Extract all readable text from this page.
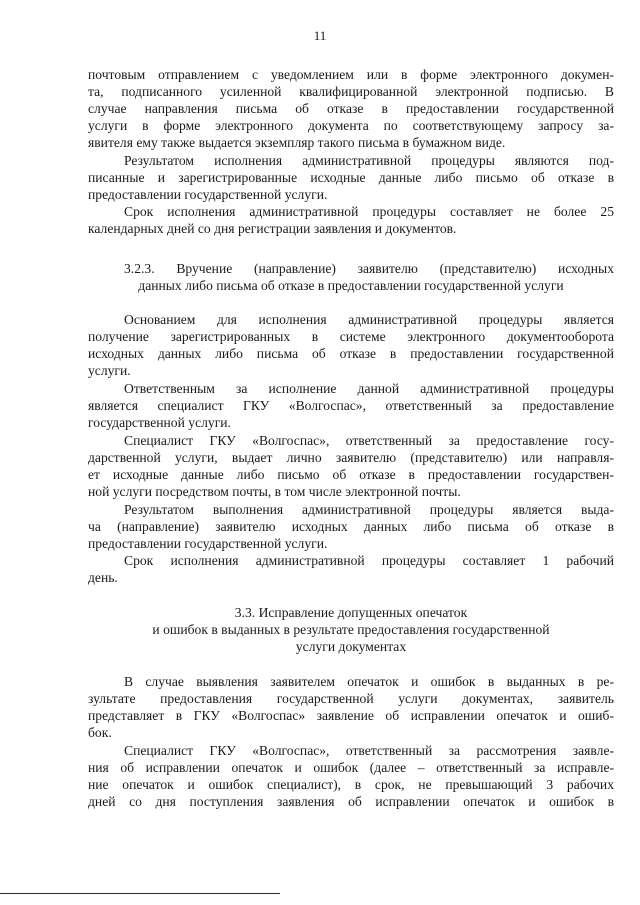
11
почтовым отправлением с уведомлением или в форме электронного докумен-
та, подписанного усиленной квалифицированной электронной подписью. В
случае направления письма об отказе в предоставлении государственной
услуги в форме электронного документа по соответствующему запросу за-
явителя ему также выдается экземпляр такого письма в бумажном виде.
Результатом исполнения административной процедуры являются под-
писанные и зарегистрированные исходные данные либо письмо об отказе в
предоставлении государственной услуги.
Срок исполнения административной процедуры составляет не более 25
календарных дней со дня регистрации заявления и документов.
3.2.3. Вручение (направление) заявителю (представителю) исходных
данных либо письма об отказе в предоставлении государственной услуги
Основанием для исполнения административной процедуры является
получение зарегистрированных в системе электронного документооборота
исходных данных либо письма об отказе в предоставлении государственной
услуги.
Ответственным за исполнение данной административной процедуры
является специалист ГКУ «Волгоспас», ответственный за предоставление
государственной услуги.
Специалист ГКУ «Волгоспас», ответственный за предоставление госу-
дарственной услуги, выдает лично заявителю (представителю) или направля-
ет исходные данные либо письмо об отказе в предоставлении государствен-
ной услуги посредством почты, в том числе электронной почты.
Результатом выполнения административной процедуры является выда-
ча (направление) заявителю исходных данных либо письма об отказе в
предоставлении государственной услуги.
Срок исполнения административной процедуры составляет 1 рабочий
день.
3.3. Исправление допущенных опечаток
и ошибок в выданных в результате предоставления государственной
услуги документах
В случае выявления заявителем опечаток и ошибок в выданных в ре-
зультате предоставления государственной услуги документах, заявитель
представляет в ГКУ «Волгоспас» заявление об исправлении опечаток и ошиб-
бок.
Специалист ГКУ «Волгоспас», ответственный за рассмотрения заявле-
ния об исправлении опечаток и ошибок (далее – ответственный за исправле-
ние опечаток и ошибок специалист), в срок, не превышающий 3 рабочих
дней со дня поступления заявления об исправлении опечаток и ошибок в
